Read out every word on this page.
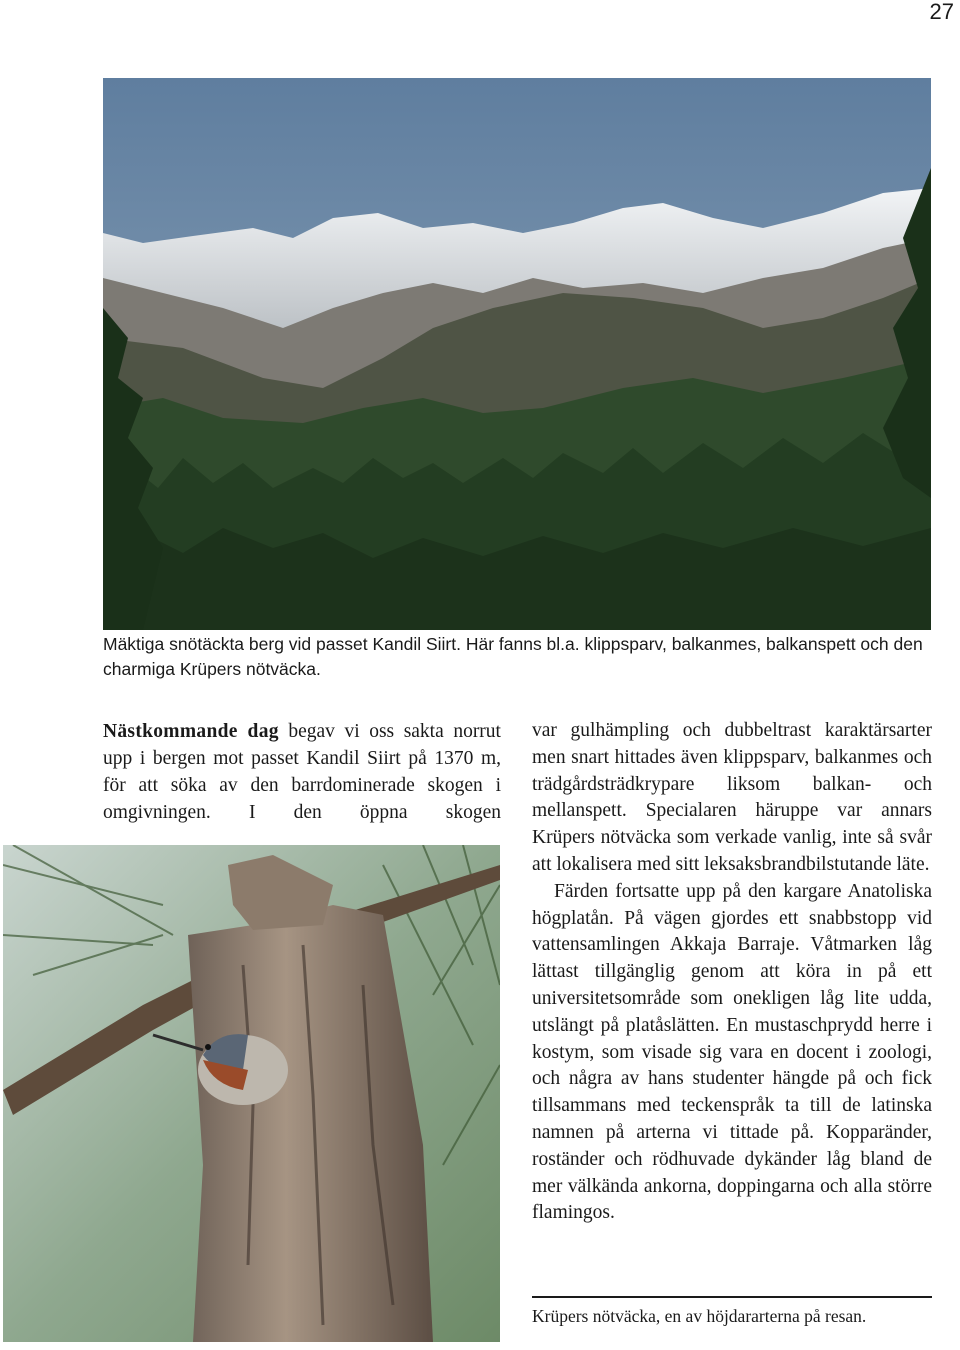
27
Mäktiga snötäckta berg vid passet Kandil Siirt. Här fanns bl.a. klippsparv, balkanmes, balkanspett och den charmiga Krüpers nötväcka.
Nästkommande dag begav vi oss sakta norrut upp i bergen mot passet Kandil Siirt på 1370 m, för att söka av den barrdominerade skogen i omgivningen. I den öppna skogen

var gulhämpling och dubbeltrast karaktärsarter men snart hittades även klippsparv, balkanmes och trädgårdsträdkrypare liksom balkan- och mellanspett. Specialaren häruppe var annars Krüpers nötväcka som verkade vanlig, inte så svår att lokalisera med sitt leksaksbrandbilstutande läte.

Färden fortsatte upp på den kargare Anatoliska högplatån. På vägen gjordes ett snabbstopp vid vattensamlingen Akkaja Barraje. Våtmarken låg lättast tillgänglig genom att köra in på ett universitetsområde som onekligen låg lite udda, utslängt på platåslätten. En mustaschprydd herre i kostym, som visade sig vara en docent i zoologi, och några av hans studenter hängde på och fick tillsammans med teckenspråk ta till de latinska namnen på arterna vi tittade på. Kopparänder, roständer och rödhuvade dykänder låg bland de mer välkända ankorna, doppingarna och alla större flamingos.

Krüpers nötväcka, en av höjdararterna på resan.
